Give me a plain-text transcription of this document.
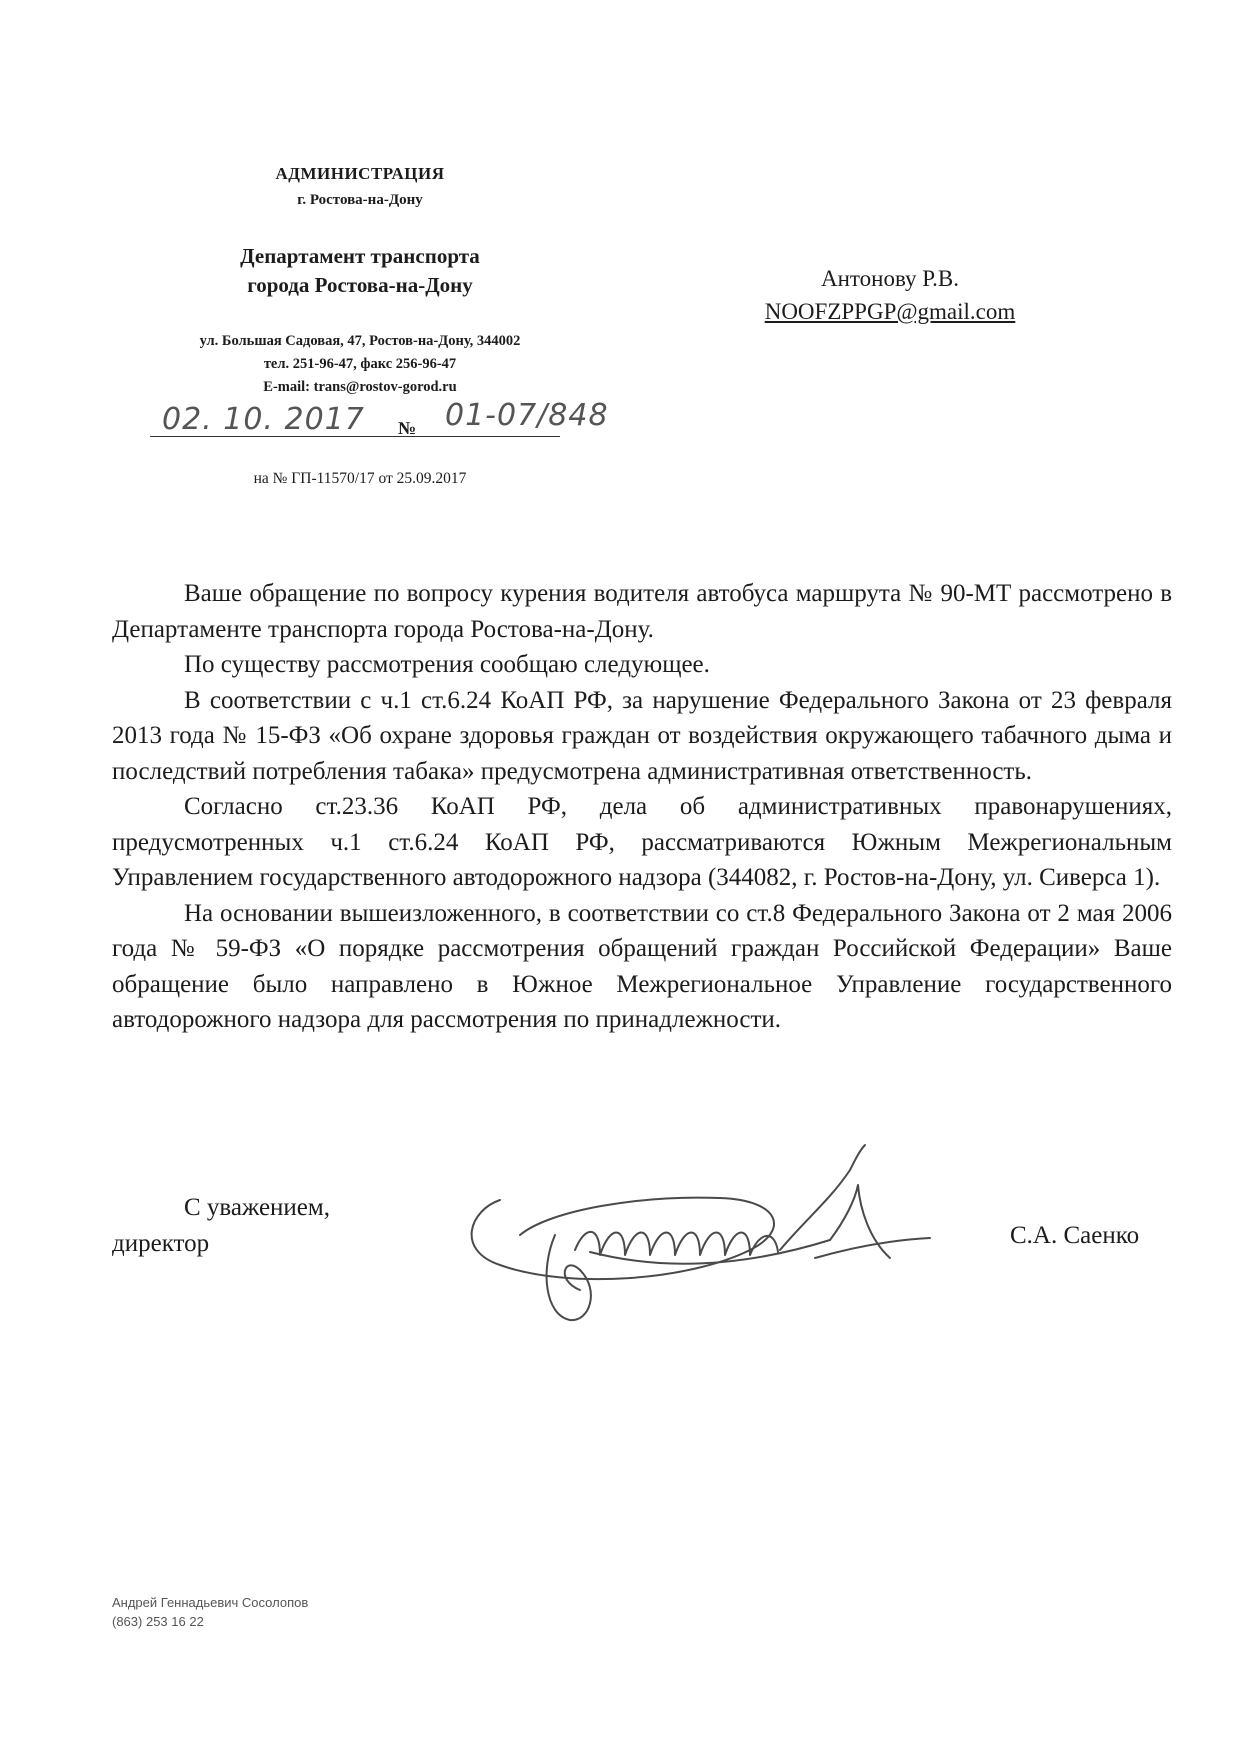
АДМИНИСТРАЦИЯ
г. Ростова-на-Дону
Департамент транспорта
города Ростова-на-Дону
ул. Большая Садовая, 47, Ростов-на-Дону, 344002
тел. 251-96-47, факс 256-96-47
E-mail: trans@rostov-gorod.ru
Антонову Р.В.
NOOFZPPGP@gmail.com
02. 10. 2017 № 01-07/848
на № ГП-11570/17 от 25.09.2017

Ваше обращение по вопросу курения водителя автобуса маршрута № 90-МТ рассмотрено в Департаменте транспорта города Ростова-на-Дону.

По существу рассмотрения сообщаю следующее.

В соответствии с ч.1 ст.6.24 КоАП РФ, за нарушение Федерального Закона от 23 февраля 2013 года № 15-ФЗ «Об охране здоровья граждан от воздействия окружающего табачного дыма и последствий потребления табака» предусмотрена административная ответственность.

Согласно ст.23.36 КоАП РФ, дела об административных правонарушениях, предусмотренных ч.1 ст.6.24 КоАП РФ, рассматриваются Южным Межрегиональным Управлением государственного автодорожного надзора (344082, г. Ростов-на-Дону, ул. Сиверса 1).

На основании вышеизложенного, в соответствии со ст.8 Федерального Закона от 2 мая 2006 года № 59-ФЗ «О порядке рассмотрения обращений граждан Российской Федерации» Ваше обращение было направлено в Южное Межрегиональное Управление государственного автодорожного надзора для рассмотрения по принадлежности.

С уважением,
директор	С.А. Саенко
Андрей Геннадьевич Сосолопов
(863) 253 16 22
